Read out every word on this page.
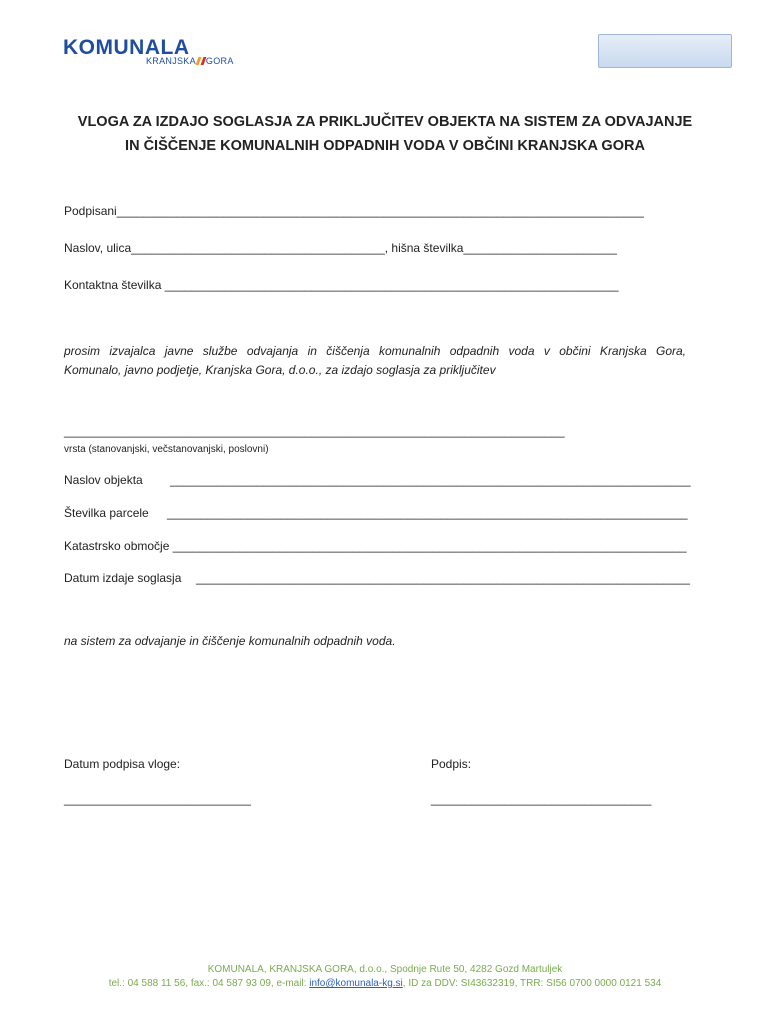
KOMUNALA
KRANJSKA GORA
VLOGA ZA IZDAJO SOGLASJA ZA PRIKLJUČITEV OBJEKTA NA SISTEM ZA ODVAJANJE
IN ČIŠČENJE KOMUNALNIH ODPADNIH VODA V OBČINI KRANJSKA GORA
Podpisani_______________________________________________________________________________
Naslov, ulica______________________________________, hišna številka_______________________
Kontaktna številka ____________________________________________________________________
prosim izvajalca javne službe odvajanja in čiščenja komunalnih odpadnih voda v občini Kranjska Gora,
Komunalo, javno podjetje, Kranjska Gora, d.o.o., za izdajo soglasja za priključitev
___________________________________________________________________________
vrsta (stanovanjski, večstanovanjski, poslovni)
Naslov objekta ______________________________________________________________________________
Številka parcele ______________________________________________________________________________
Katastrsko območje _____________________________________________________________________________
Datum izdaje soglasja __________________________________________________________________________
na sistem za odvajanje in čiščenje komunalnih odpadnih voda.
Datum podpisa vloge:	Podpis:
____________________________	_________________________________
KOMUNALA, KRANJSKA GORA, d.o.o., Spodnje Rute 50, 4282 Gozd Martuljek
tel.: 04 588 11 56, fax.: 04 587 93 09, e-mail: info@komunala-kg.si, ID za DDV: SI43632319, TRR: SI56 0700 0000 0121 534
